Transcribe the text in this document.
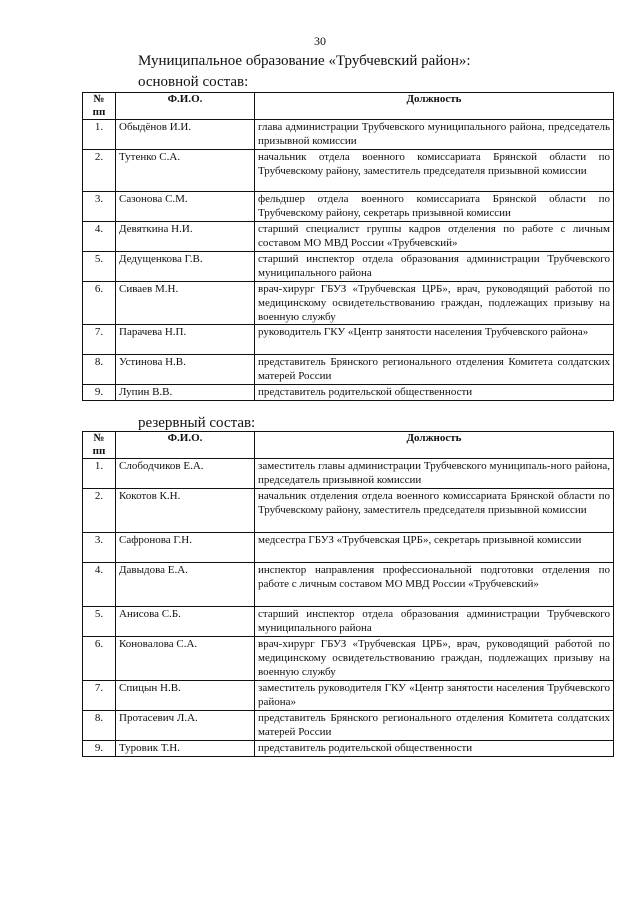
30
Муниципальное образование «Трубчевский район»:
основной состав:
№ пп	Ф.И.О.	Должность
1.	Обыдёнов И.И.	глава администрации Трубчевского муниципального района, председатель призывной комиссии
2.	Тутенко С.А.	начальник отдела военного комиссариата Брянской области по Трубчевскому району, заместитель председателя призывной комиссии
3.	Сазонова С.М.	фельдшер отдела военного комиссариата Брянской области по Трубчевскому району, секретарь призывной комиссии
4.	Девяткина Н.И.	старший специалист группы кадров отделения по работе с личным составом МО МВД России «Трубчевский»
5.	Дедущенкова Г.В.	старший инспектор отдела образования администрации Трубчевского муниципального района
6.	Сиваев М.Н.	врач-хирург ГБУЗ «Трубчевская ЦРБ», врач, руководящий работой по медицинскому освидетельствованию граждан, подлежащих призыву на военную службу
7.	Парачева Н.П.	руководитель ГКУ «Центр занятости населения Трубчевского района»
8.	Устинова Н.В.	представитель Брянского регионального отделения Комитета солдатских матерей России
9.	Лупин В.В.	представитель родительской общественности
резервный состав:
№ пп	Ф.И.О.	Должность
1.	Слободчиков Е.А.	заместитель главы администрации Трубчевского муниципаль-ного района, председатель призывной комиссии
2.	Кокотов К.Н.	начальник отделения отдела военного комиссариата Брянской области по Трубчевскому району, заместитель председателя призывной комиссии
3.	Сафронова Г.Н.	медсестра ГБУЗ «Трубчевская ЦРБ», секретарь призывной комиссии
4.	Давыдова Е.А.	инспектор направления профессиональной подготовки отделения по работе с личным составом МО МВД России «Трубчевский»
5.	Анисова С.Б.	старший инспектор отдела образования администрации Трубчевского муниципального района
6.	Коновалова С.А.	врач-хирург ГБУЗ «Трубчевская ЦРБ», врач, руководящий работой по медицинскому освидетельствованию граждан, подлежащих призыву на военную службу
7.	Спицын Н.В.	заместитель руководителя ГКУ «Центр занятости населения Трубчевского района»
8.	Протасевич Л.А.	представитель Брянского регионального отделения Комитета солдатских матерей России
9.	Туровик Т.Н.	представитель родительской общественности
